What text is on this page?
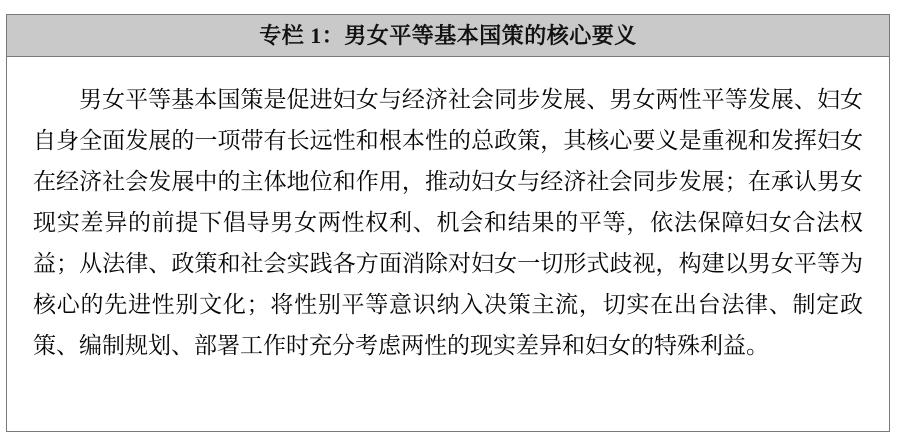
专栏 1：男女平等基本国策的核心要义

男女平等基本国策是促进妇女与经济社会同步发展、男女两性平等发展、妇女自身全面发展的一项带有长远性和根本性的总政策，其核心要义是重视和发挥妇女在经济社会发展中的主体地位和作用，推动妇女与经济社会同步发展；在承认男女现实差异的前提下倡导男女两性权利、机会和结果的平等，依法保障妇女合法权益；从法律、政策和社会实践各方面消除对妇女一切形式歧视，构建以男女平等为核心的先进性别文化；将性别平等意识纳入决策主流，切实在出台法律、制定政策、编制规划、部署工作时充分考虑两性的现实差异和妇女的特殊利益。
